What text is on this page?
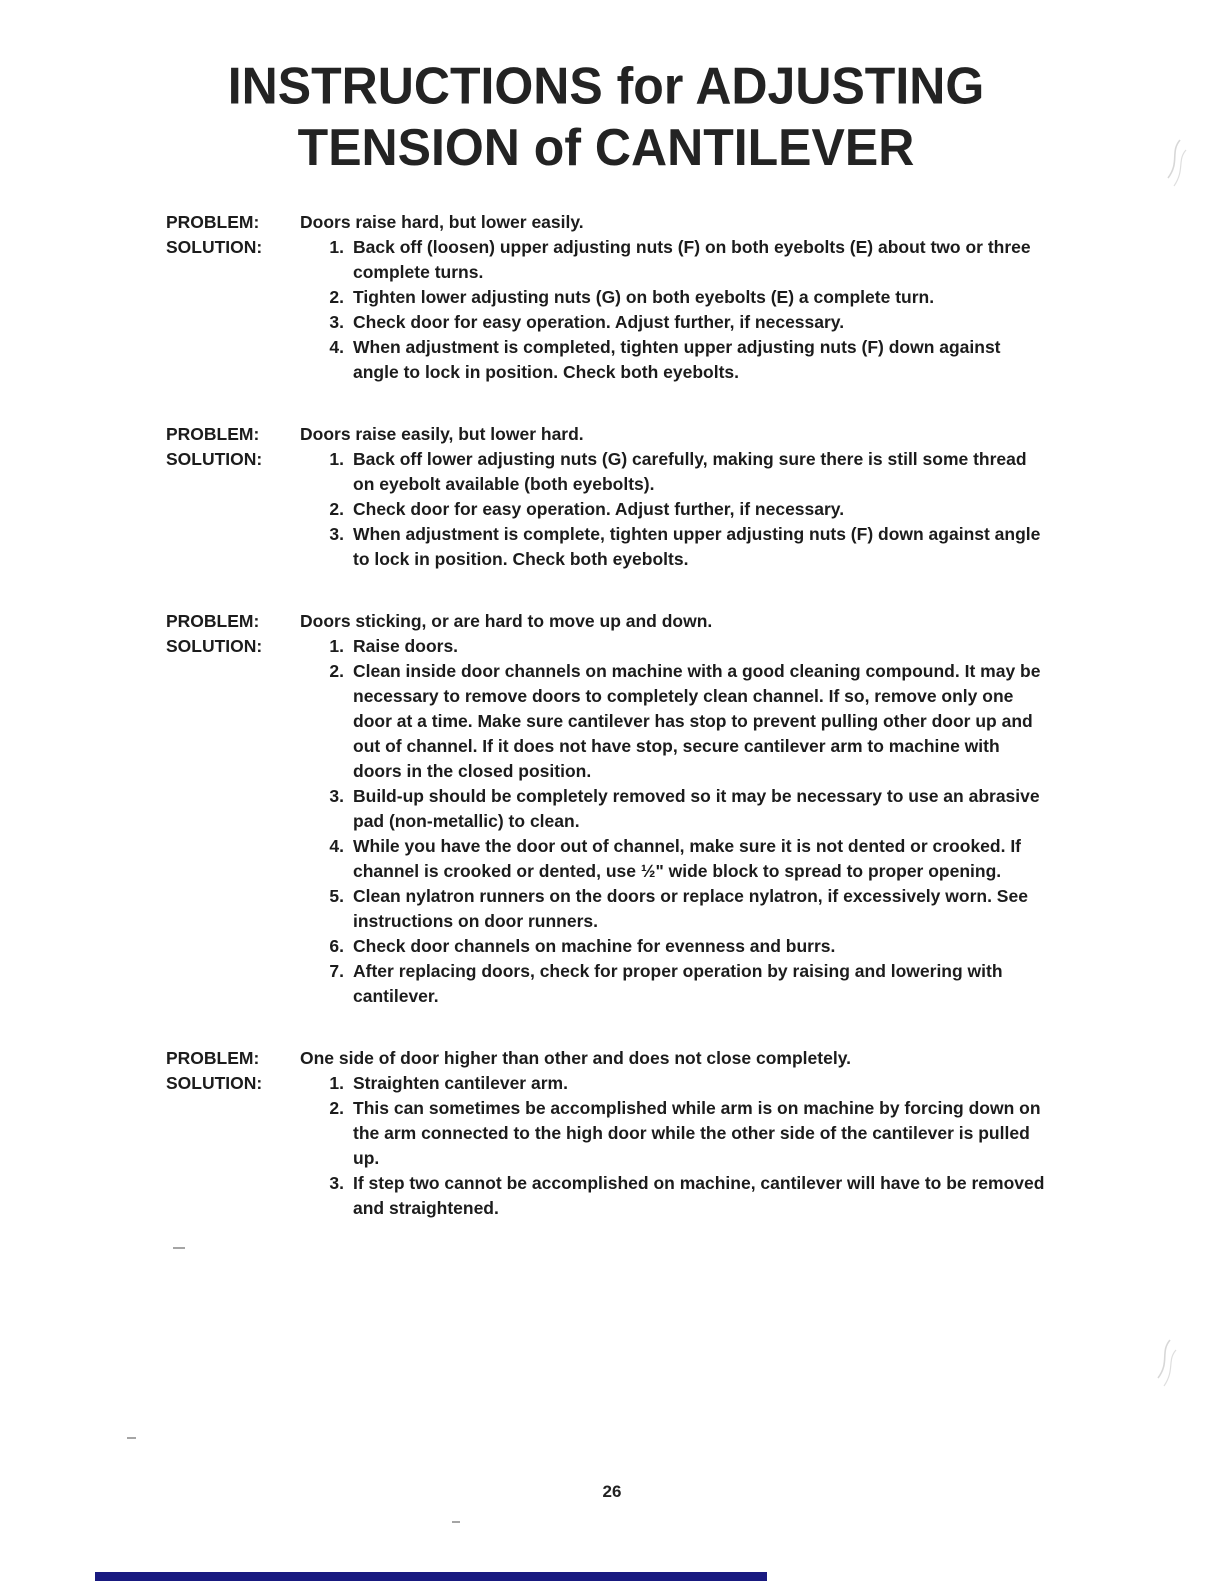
INSTRUCTIONS for ADJUSTING
TENSION of CANTILEVER
PROBLEM:	Doors raise hard, but lower easily.
SOLUTION:	1. Back off (loosen) upper adjusting nuts (F) on both eyebolts (E) about two or three complete turns.
2. Tighten lower adjusting nuts (G) on both eyebolts (E) a complete turn.
3. Check door for easy operation. Adjust further, if necessary.
4. When adjustment is completed, tighten upper adjusting nuts (F) down against angle to lock in position. Check both eyebolts.
PROBLEM:	Doors raise easily, but lower hard.
SOLUTION:	1. Back off lower adjusting nuts (G) carefully, making sure there is still some thread on eyebolt available (both eyebolts).
2. Check door for easy operation. Adjust further, if necessary.
3. When adjustment is complete, tighten upper adjusting nuts (F) down against angle to lock in position. Check both eyebolts.
PROBLEM:	Doors sticking, or are hard to move up and down.
SOLUTION:	1. Raise doors.
2. Clean inside door channels on machine with a good cleaning compound. It may be necessary to remove doors to completely clean channel. If so, remove only one door at a time. Make sure cantilever has stop to prevent pulling other door up and out of channel. If it does not have stop, secure cantilever arm to machine with doors in the closed position.
3. Build-up should be completely removed so it may be necessary to use an abrasive pad (non-metallic) to clean.
4. While you have the door out of channel, make sure it is not dented or crooked. If channel is crooked or dented, use ½" wide block to spread to proper opening.
5. Clean nylatron runners on the doors or replace nylatron, if excessively worn. See instructions on door runners.
6. Check door channels on machine for evenness and burrs.
7. After replacing doors, check for proper operation by raising and lowering with cantilever.
PROBLEM:	One side of door higher than other and does not close completely.
SOLUTION:	1. Straighten cantilever arm.
2. This can sometimes be accomplished while arm is on machine by forcing down on the arm connected to the high door while the other side of the cantilever is pulled up.
3. If step two cannot be accomplished on machine, cantilever will have to be removed and straightened.
26
